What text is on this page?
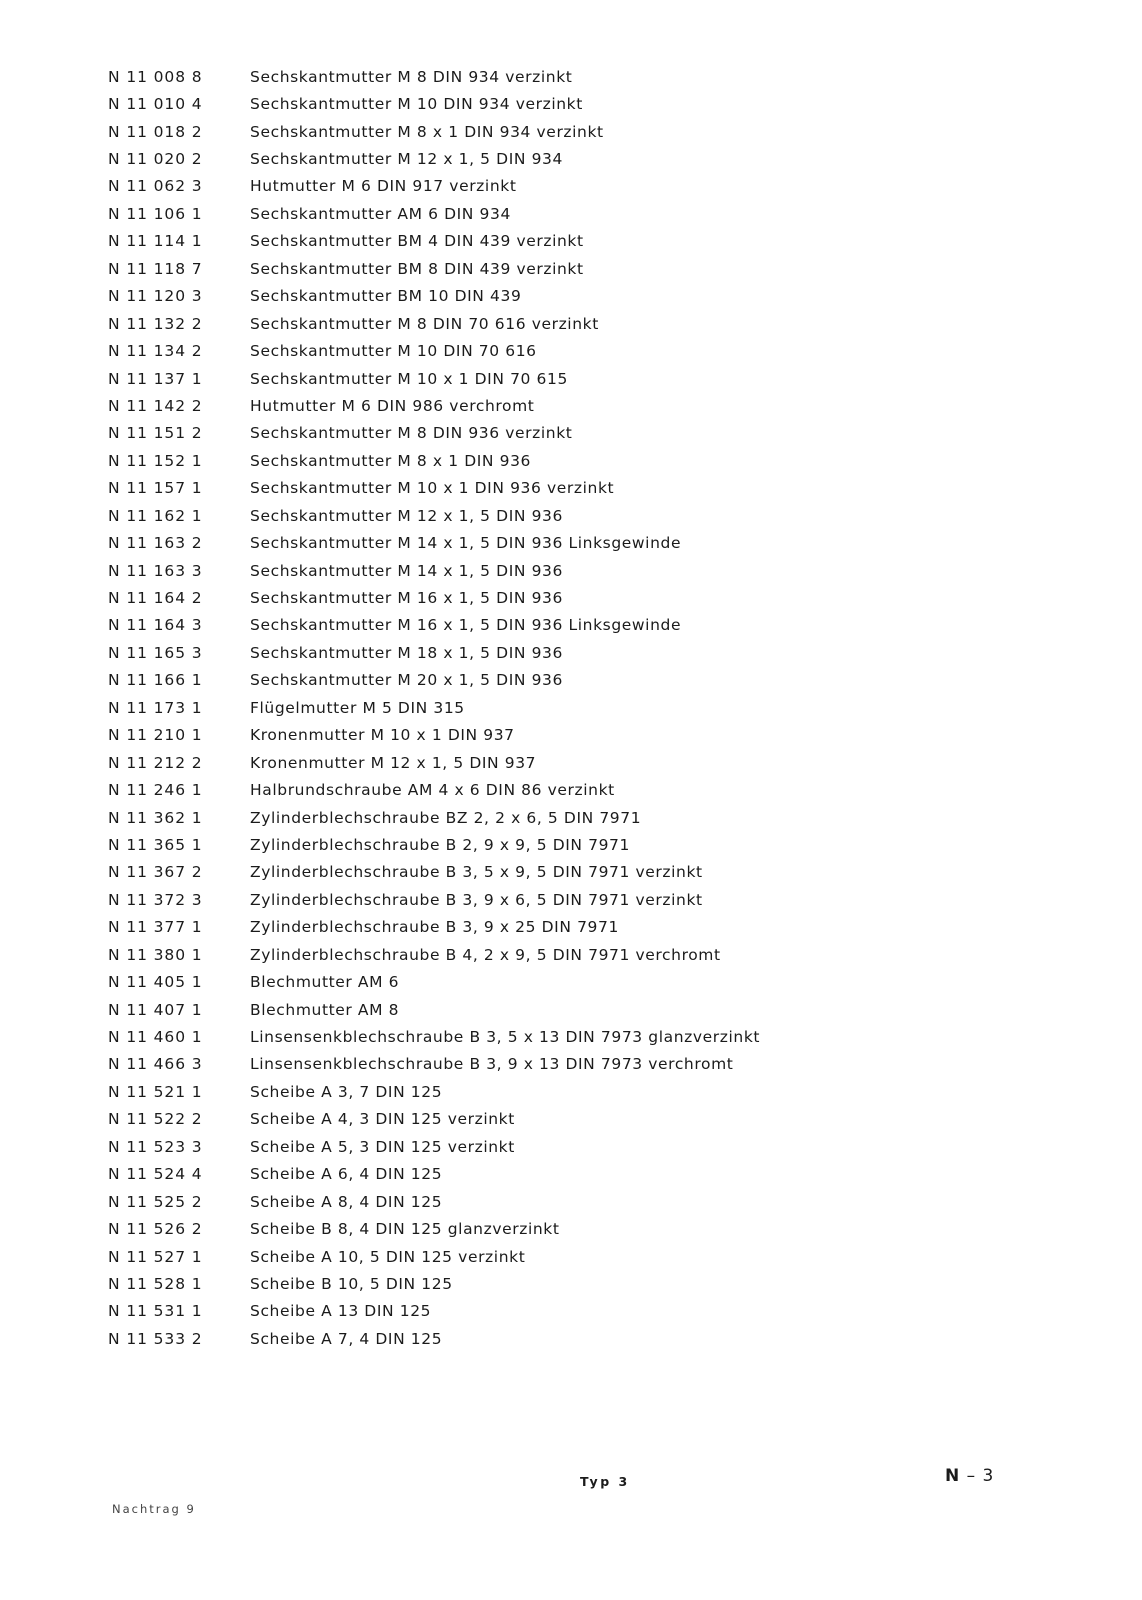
N 11 008 8	Sechskantmutter M 8 DIN 934 verzinkt
N 11 010 4	Sechskantmutter M 10 DIN 934 verzinkt
N 11 018 2	Sechskantmutter M 8 x 1 DIN 934 verzinkt
N 11 020 2	Sechskantmutter M 12 x 1, 5 DIN 934
N 11 062 3	Hutmutter M 6 DIN 917 verzinkt
N 11 106 1	Sechskantmutter AM 6 DIN 934
N 11 114 1	Sechskantmutter BM 4 DIN 439 verzinkt
N 11 118 7	Sechskantmutter BM 8 DIN 439 verzinkt
N 11 120 3	Sechskantmutter BM 10 DIN 439
N 11 132 2	Sechskantmutter M 8 DIN 70 616 verzinkt
N 11 134 2	Sechskantmutter M 10 DIN 70 616
N 11 137 1	Sechskantmutter M 10 x 1 DIN 70 615
N 11 142 2	Hutmutter M 6 DIN 986 verchromt
N 11 151 2	Sechskantmutter M 8 DIN 936 verzinkt
N 11 152 1	Sechskantmutter M 8 x 1 DIN 936
N 11 157 1	Sechskantmutter M 10 x 1 DIN 936 verzinkt
N 11 162 1	Sechskantmutter M 12 x 1, 5 DIN 936
N 11 163 2	Sechskantmutter M 14 x 1, 5 DIN 936 Linksgewinde
N 11 163 3	Sechskantmutter M 14 x 1, 5 DIN 936
N 11 164 2	Sechskantmutter M 16 x 1, 5 DIN 936
N 11 164 3	Sechskantmutter M 16 x 1, 5 DIN 936 Linksgewinde
N 11 165 3	Sechskantmutter M 18 x 1, 5 DIN 936
N 11 166 1	Sechskantmutter M 20 x 1, 5 DIN 936
N 11 173 1	Flügelmutter M 5 DIN 315
N 11 210 1	Kronenmutter M 10 x 1 DIN 937
N 11 212 2	Kronenmutter M 12 x 1, 5 DIN 937
N 11 246 1	Halbrundschraube AM 4 x 6 DIN 86 verzinkt
N 11 362 1	Zylinderblechschraube BZ 2, 2 x 6, 5 DIN 7971
N 11 365 1	Zylinderblechschraube B 2, 9 x 9, 5 DIN 7971
N 11 367 2	Zylinderblechschraube B 3, 5 x 9, 5 DIN 7971 verzinkt
N 11 372 3	Zylinderblechschraube B 3, 9 x 6, 5 DIN 7971 verzinkt
N 11 377 1	Zylinderblechschraube B 3, 9 x 25 DIN 7971
N 11 380 1	Zylinderblechschraube B 4, 2 x 9, 5 DIN 7971 verchromt
N 11 405 1	Blechmutter AM 6
N 11 407 1	Blechmutter AM 8
N 11 460 1	Linsensenkblechschraube B 3, 5 x 13 DIN 7973 glanzverzinkt
N 11 466 3	Linsensenkblechschraube B 3, 9 x 13 DIN 7973 verchromt
N 11 521 1	Scheibe A 3, 7 DIN 125
N 11 522 2	Scheibe A 4, 3 DIN 125 verzinkt
N 11 523 3	Scheibe A 5, 3 DIN 125 verzinkt
N 11 524 4	Scheibe A 6, 4 DIN 125
N 11 525 2	Scheibe A 8, 4 DIN 125
N 11 526 2	Scheibe B 8, 4 DIN 125 glanzverzinkt
N 11 527 1	Scheibe A 10, 5 DIN 125 verzinkt
N 11 528 1	Scheibe B 10, 5 DIN 125
N 11 531 1	Scheibe A 13 DIN 125
N 11 533 2	Scheibe A 7, 4 DIN 125
Typ 3	N – 3
Nachtrag 9
